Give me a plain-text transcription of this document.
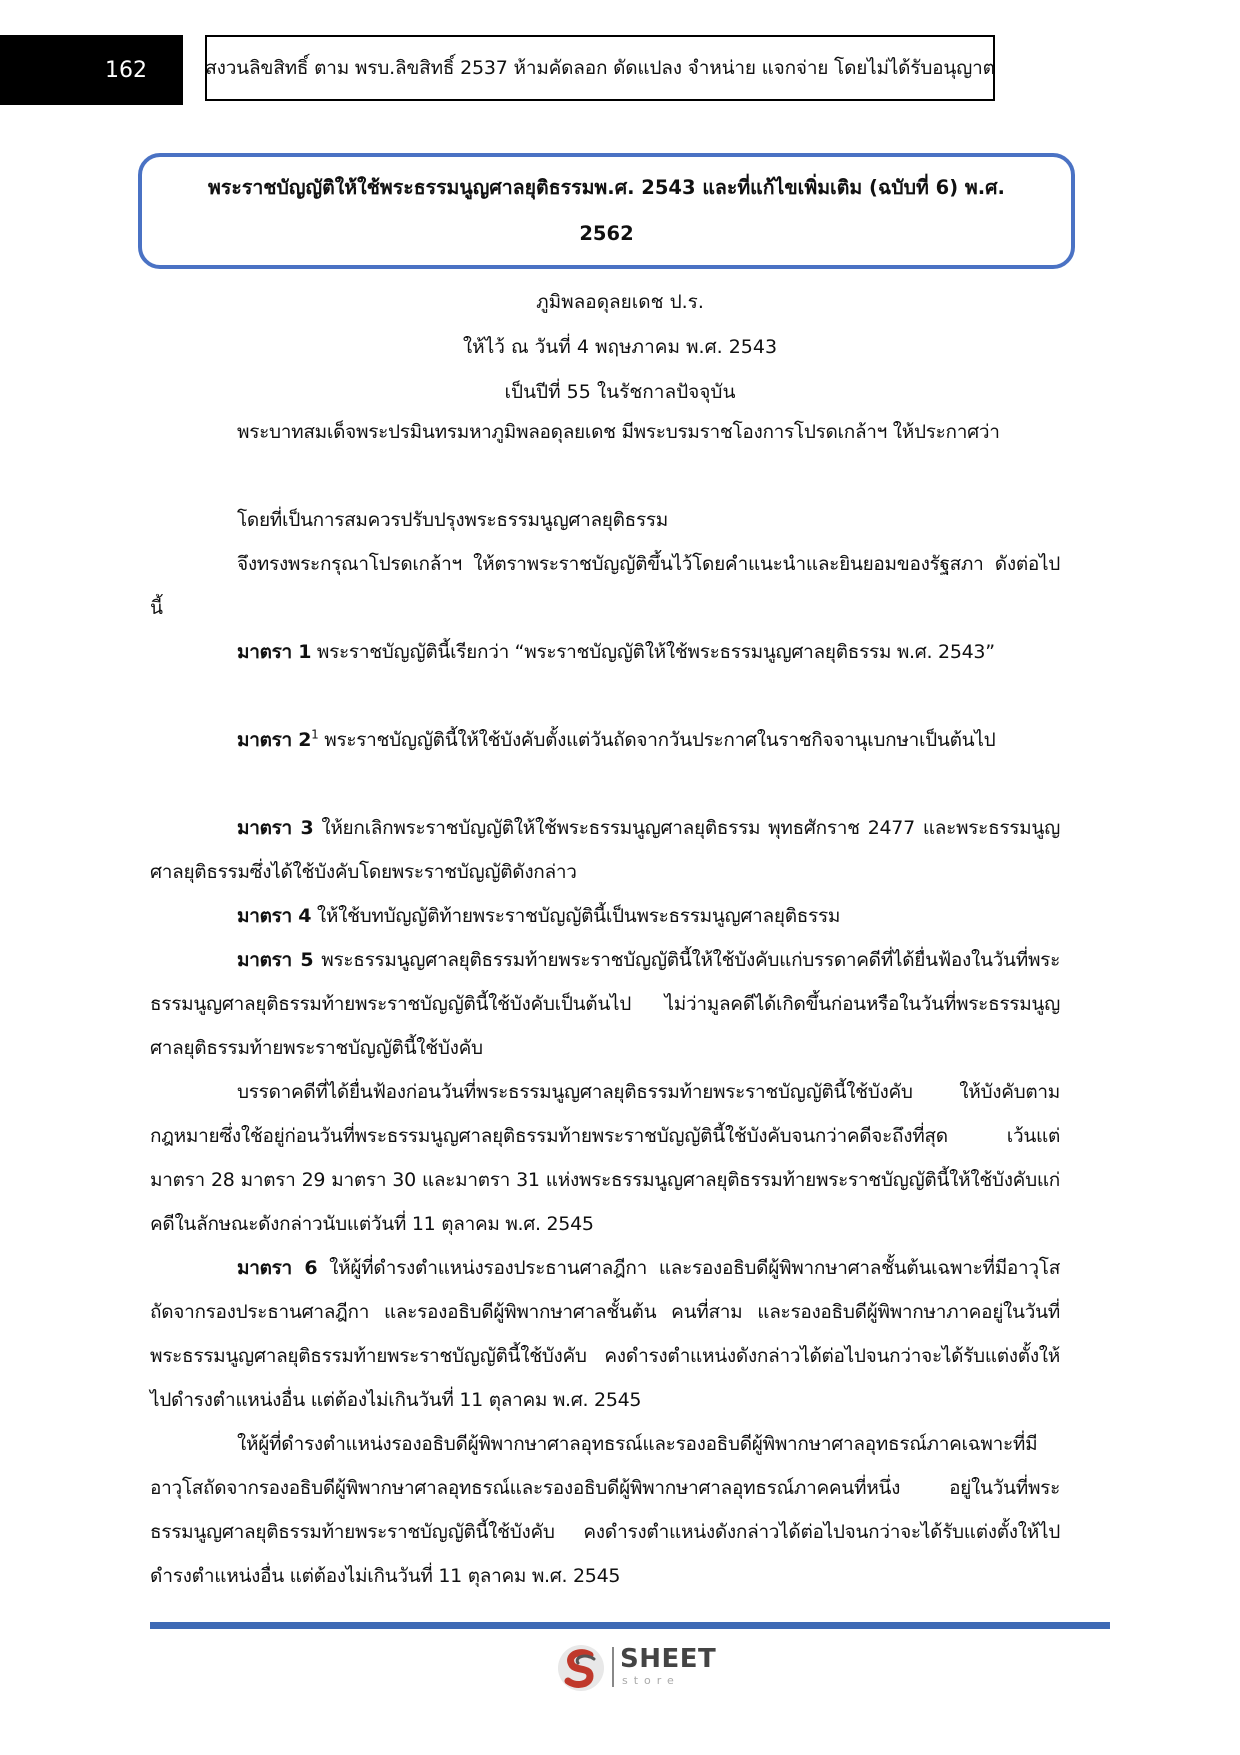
162	สงวนลิขสิทธิ์ ตาม พรบ.ลิขสิทธิ์ 2537 ห้ามคัดลอก ดัดแปลง จำหน่าย แจกจ่าย โดยไม่ได้รับอนุญาต
พระราชบัญญัติให้ใช้พระธรรมนูญศาลยุติธรรมพ.ศ. 2543 และที่แก้ไขเพิ่มเติม (ฉบับที่ 6) พ.ศ.
2562
ภูมิพลอดุลยเดช ป.ร.
ให้ไว้ ณ วันที่ 4 พฤษภาคม พ.ศ. 2543
เป็นปีที่ 55 ในรัชกาลปัจจุบัน

พระบาทสมเด็จพระปรมินทรมหาภูมิพลอดุลยเดช มีพระบรมราชโองการโปรดเกล้าฯ ให้ประกาศว่า

โดยที่เป็นการสมควรปรับปรุงพระธรรมนูญศาลยุติธรรม

จึงทรงพระกรุณาโปรดเกล้าฯ ให้ตราพระราชบัญญัติขึ้นไว้โดยคำแนะนำและยินยอมของรัฐสภา ดังต่อไปนี้

มาตรา 1 พระราชบัญญัตินี้เรียกว่า “พระราชบัญญัติให้ใช้พระธรรมนูญศาลยุติธรรม พ.ศ. 2543”

มาตรา $2^1$ พระราชบัญญัตินี้ให้ใช้บังคับตั้งแต่วันถัดจากวันประกาศในราชกิจจานุเบกษาเป็นต้นไป

มาตรา 3 ให้ยกเลิกพระราชบัญญัติให้ใช้พระธรรมนูญศาลยุติธรรม พุทธศักราช 2477 และพระธรรมนูญศาลยุติธรรมซึ่งได้ใช้บังคับโดยพระราชบัญญัติดังกล่าว

มาตรา 4 ให้ใช้บทบัญญัติท้ายพระราชบัญญัตินี้เป็นพระธรรมนูญศาลยุติธรรม

มาตรา 5 พระธรรมนูญศาลยุติธรรมท้ายพระราชบัญญัตินี้ให้ใช้บังคับแก่บรรดาคดีที่ได้ยื่นฟ้องในวันที่พระธรรมนูญศาลยุติธรรมท้ายพระราชบัญญัตินี้ใช้บังคับเป็นต้นไป ไม่ว่ามูลคดีได้เกิดขึ้นก่อนหรือในวันที่พระธรรมนูญศาลยุติธรรมท้ายพระราชบัญญัตินี้ใช้บังคับ

บรรดาคดีที่ได้ยื่นฟ้องก่อนวันที่พระธรรมนูญศาลยุติธรรมท้ายพระราชบัญญัตินี้ใช้บังคับ ให้บังคับตามกฎหมายซึ่งใช้อยู่ก่อนวันที่พระธรรมนูญศาลยุติธรรมท้ายพระราชบัญญัตินี้ใช้บังคับจนกว่าคดีจะถึงที่สุด เว้นแต่มาตรา 28 มาตรา 29 มาตรา 30 และมาตรา 31 แห่งพระธรรมนูญศาลยุติธรรมท้ายพระราชบัญญัตินี้ให้ใช้บังคับแก่คดีในลักษณะดังกล่าวนับแต่วันที่ 11 ตุลาคม พ.ศ. 2545

มาตรา 6 ให้ผู้ที่ดำรงตำแหน่งรองประธานศาลฎีกา และรองอธิบดีผู้พิพากษาศาลชั้นต้นเฉพาะที่มีอาวุโสถัดจากรองประธานศาลฎีกา และรองอธิบดีผู้พิพากษาศาลชั้นต้น คนที่สาม และรองอธิบดีผู้พิพากษาภาคอยู่ในวันที่พระธรรมนูญศาลยุติธรรมท้ายพระราชบัญญัตินี้ใช้บังคับ คงดำรงตำแหน่งดังกล่าวได้ต่อไปจนกว่าจะได้รับแต่งตั้งให้ไปดำรงตำแหน่งอื่น แต่ต้องไม่เกินวันที่ 11 ตุลาคม พ.ศ. 2545

ให้ผู้ที่ดำรงตำแหน่งรองอธิบดีผู้พิพากษาศาลอุทธรณ์และรองอธิบดีผู้พิพากษาศาลอุทธรณ์ภาคเฉพาะที่มีอาวุโสถัดจากรองอธิบดีผู้พิพากษาศาลอุทธรณ์และรองอธิบดีผู้พิพากษาศาลอุทธรณ์ภาคคนที่หนึ่ง อยู่ในวันที่พระธรรมนูญศาลยุติธรรมท้ายพระราชบัญญัตินี้ใช้บังคับ คงดำรงตำแหน่งดังกล่าวได้ต่อไปจนกว่าจะได้รับแต่งตั้งให้ไปดำรงตำแหน่งอื่น แต่ต้องไม่เกินวันที่ 11 ตุลาคม พ.ศ. 2545

SHEET
store
